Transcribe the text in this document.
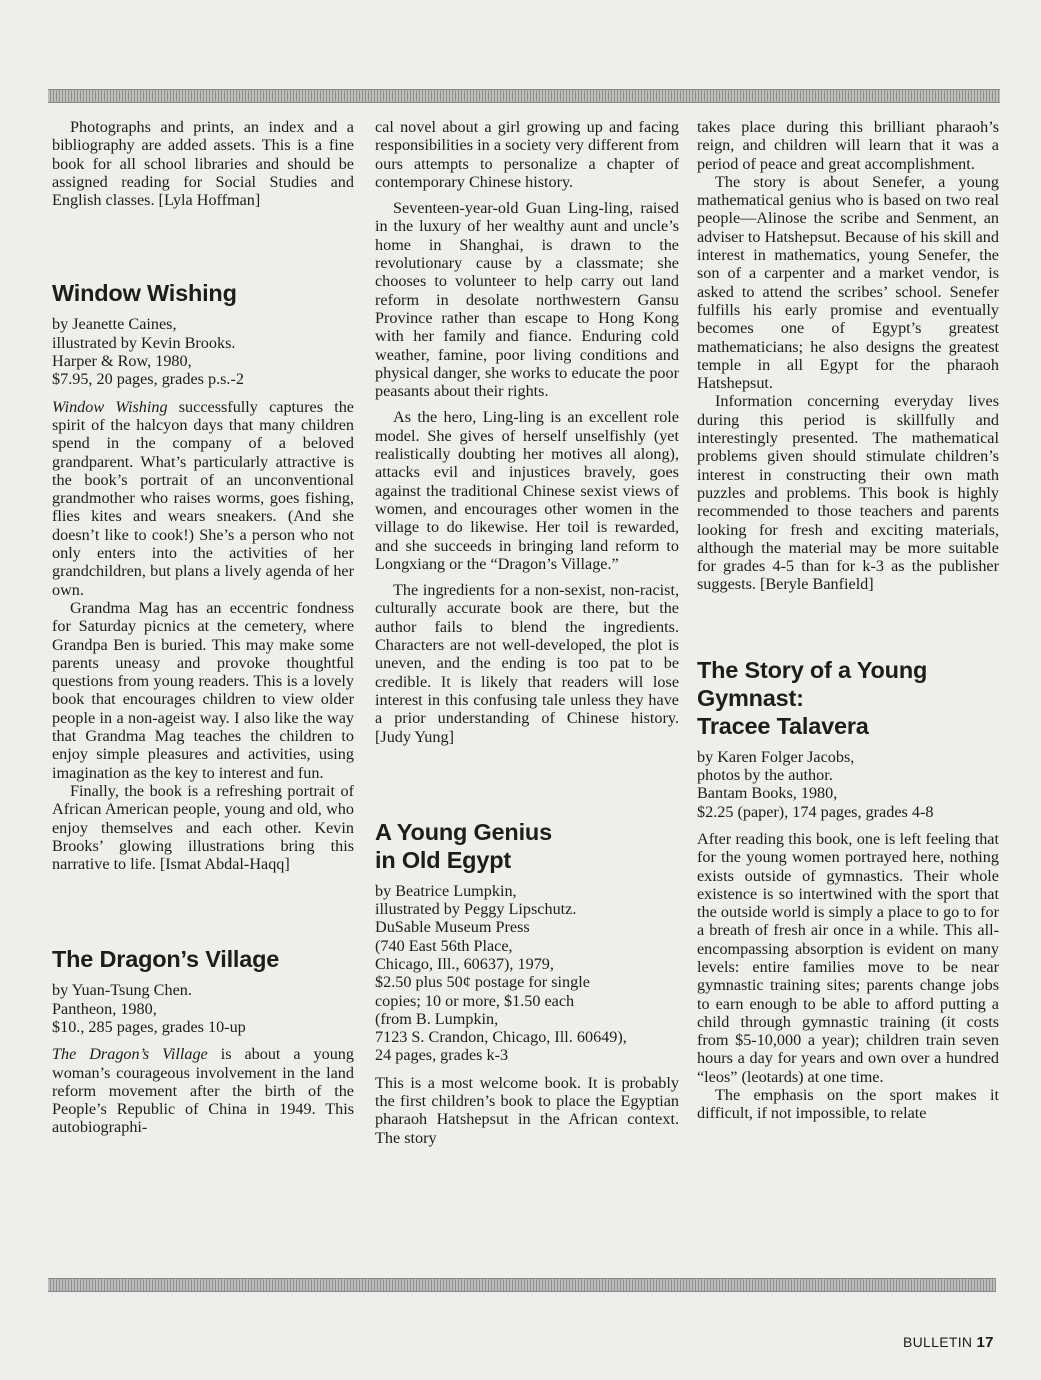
Photographs and prints, an index and a bibliography are added assets. This is a fine book for all school libraries and should be assigned reading for Social Studies and English classes. [Lyla Hoffman]

Window Wishing

by Jeanette Caines,
illustrated by Kevin Brooks.
Harper & Row, 1980,
$7.95, 20 pages, grades p.s.-2

Window Wishing successfully captures the spirit of the halcyon days that many children spend in the company of a beloved grandparent. What’s particularly attractive is the book’s portrait of an unconventional grandmother who raises worms, goes fishing, flies kites and wears sneakers. (And she doesn’t like to cook!) She’s a person who not only enters into the activities of her grandchildren, but plans a lively agenda of her own.

Grandma Mag has an eccentric fondness for Saturday picnics at the cemetery, where Grandpa Ben is buried. This may make some parents uneasy and provoke thoughtful questions from young readers. This is a lovely book that encourages children to view older people in a non-ageist way. I also like the way that Grandma Mag teaches the children to enjoy simple pleasures and activities, using imagination as the key to interest and fun.

Finally, the book is a refreshing portrait of African American people, young and old, who enjoy themselves and each other. Kevin Brooks’ glowing illustrations bring this narrative to life. [Ismat Abdal-Haqq]

The Dragon’s Village

by Yuan-Tsung Chen.
Pantheon, 1980,
$10., 285 pages, grades 10-up

The Dragon’s Village is about a young woman’s courageous involvement in the land reform movement after the birth of the People’s Republic of China in 1949. This autobiographi-

cal novel about a girl growing up and facing responsibilities in a society very different from ours attempts to personalize a chapter of contemporary Chinese history.

Seventeen-year-old Guan Ling-ling, raised in the luxury of her wealthy aunt and uncle’s home in Shanghai, is drawn to the revolutionary cause by a classmate; she chooses to volunteer to help carry out land reform in desolate northwestern Gansu Province rather than escape to Hong Kong with her family and fiance. Enduring cold weather, famine, poor living conditions and physical danger, she works to educate the poor peasants about their rights.

As the hero, Ling-ling is an excellent role model. She gives of herself unselfishly (yet realistically doubting her motives all along), attacks evil and injustices bravely, goes against the traditional Chinese sexist views of women, and encourages other women in the village to do likewise. Her toil is rewarded, and she succeeds in bringing land reform to Longxiang or the “Dragon’s Village.”

The ingredients for a non-sexist, non-racist, culturally accurate book are there, but the author fails to blend the ingredients. Characters are not well-developed, the plot is uneven, and the ending is too pat to be credible. It is likely that readers will lose interest in this confusing tale unless they have a prior understanding of Chinese history. [Judy Yung]

A Young Genius
in Old Egypt

by Beatrice Lumpkin,
illustrated by Peggy Lipschutz.
DuSable Museum Press
(740 East 56th Place,
Chicago, Ill., 60637), 1979,
$2.50 plus 50¢ postage for single
copies; 10 or more, $1.50 each
(from B. Lumpkin,
7123 S. Crandon, Chicago, Ill. 60649),
24 pages, grades k-3

This is a most welcome book. It is probably the first children’s book to place the Egyptian pharaoh Hatshepsut in the African context. The story

takes place during this brilliant pharaoh’s reign, and children will learn that it was a period of peace and great accomplishment.

The story is about Senefer, a young mathematical genius who is based on two real people—Alinose the scribe and Senment, an adviser to Hatshepsut. Because of his skill and interest in mathematics, young Senefer, the son of a carpenter and a market vendor, is asked to attend the scribes’ school. Senefer fulfills his early promise and eventually becomes one of Egypt’s greatest mathematicians; he also designs the greatest temple in all Egypt for the pharaoh Hatshepsut.

Information concerning everyday lives during this period is skillfully and interestingly presented. The mathematical problems given should stimulate children’s interest in constructing their own math puzzles and problems. This book is highly recommended to those teachers and parents looking for fresh and exciting materials, although the material may be more suitable for grades 4-5 than for k-3 as the publisher suggests. [Beryle Banfield]

The Story of a Young
Gymnast:
Tracee Talavera

by Karen Folger Jacobs,
photos by the author.
Bantam Books, 1980,
$2.25 (paper), 174 pages, grades 4-8

After reading this book, one is left feeling that for the young women portrayed here, nothing exists outside of gymnastics. Their whole existence is so intertwined with the sport that the outside world is simply a place to go to for a breath of fresh air once in a while. This all-encompassing absorption is evident on many levels: entire families move to be near gymnastic training sites; parents change jobs to earn enough to be able to afford putting a child through gymnastic training (it costs from $5-10,000 a year); children train seven hours a day for years and own over a hundred “leos” (leotards) at one time.

The emphasis on the sport makes it difficult, if not impossible, to relate

BULLETIN 17
